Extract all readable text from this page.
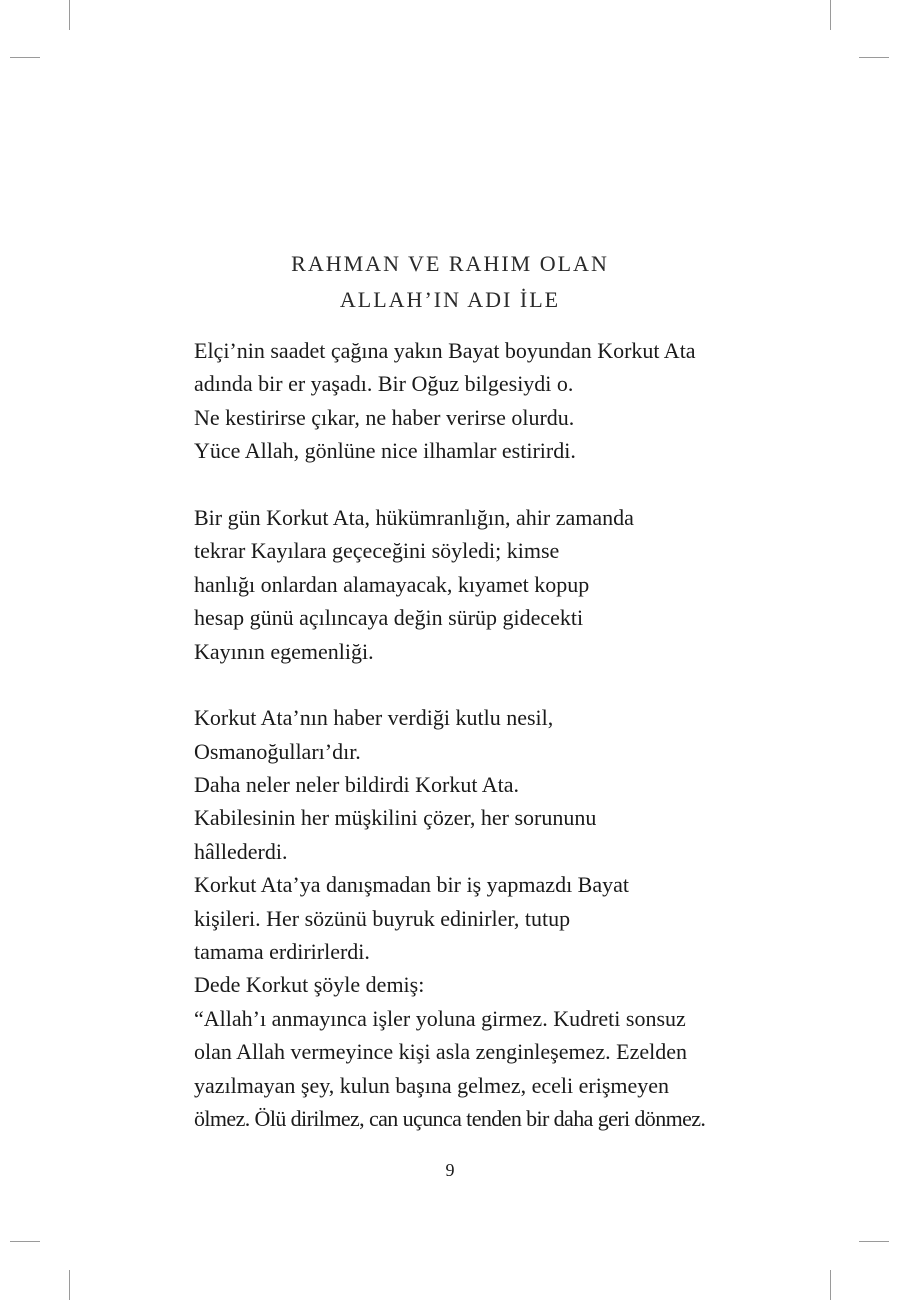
RAHMAN VE RAHIM OLAN
ALLAH’IN ADI İLE
Elçi’nin saadet çağına yakın Bayat boyundan Korkut Ata
adında bir er yaşadı. Bir Oğuz bilgesiydi o.
Ne kestirirse çıkar, ne haber verirse olurdu.
Yüce Allah, gönlüne nice ilhamlar estirirdi.
Bir gün Korkut Ata, hükümranlığın, ahir zamanda
tekrar Kayılara geçeceğini söyledi; kimse
hanlığı onlardan alamayacak, kıyamet kopup
hesap günü açılıncaya değin sürüp gidecekti
Kayının egemenliği.
Korkut Ata’nın haber verdiği kutlu nesil,
Osmanoğulları’dır.
Daha neler neler bildirdi Korkut Ata.
Kabilesinin her müşkilini çözer, her sorununu
hâllederdi.
Korkut Ata’ya danışmadan bir iş yapmazdı Bayat
kişileri. Her sözünü buyruk edinirler, tutup
tamama erdirirlerdi.
Dede Korkut şöyle demiş:
“Allah’ı anmayınca işler yoluna girmez. Kudreti sonsuz
olan Allah vermeyince kişi asla zenginleşemez. Ezelden
yazılmayan şey, kulun başına gelmez, eceli erişmeyen
ölmez. Ölü dirilmez, can uçunca tenden bir daha geri dönmez.
9
